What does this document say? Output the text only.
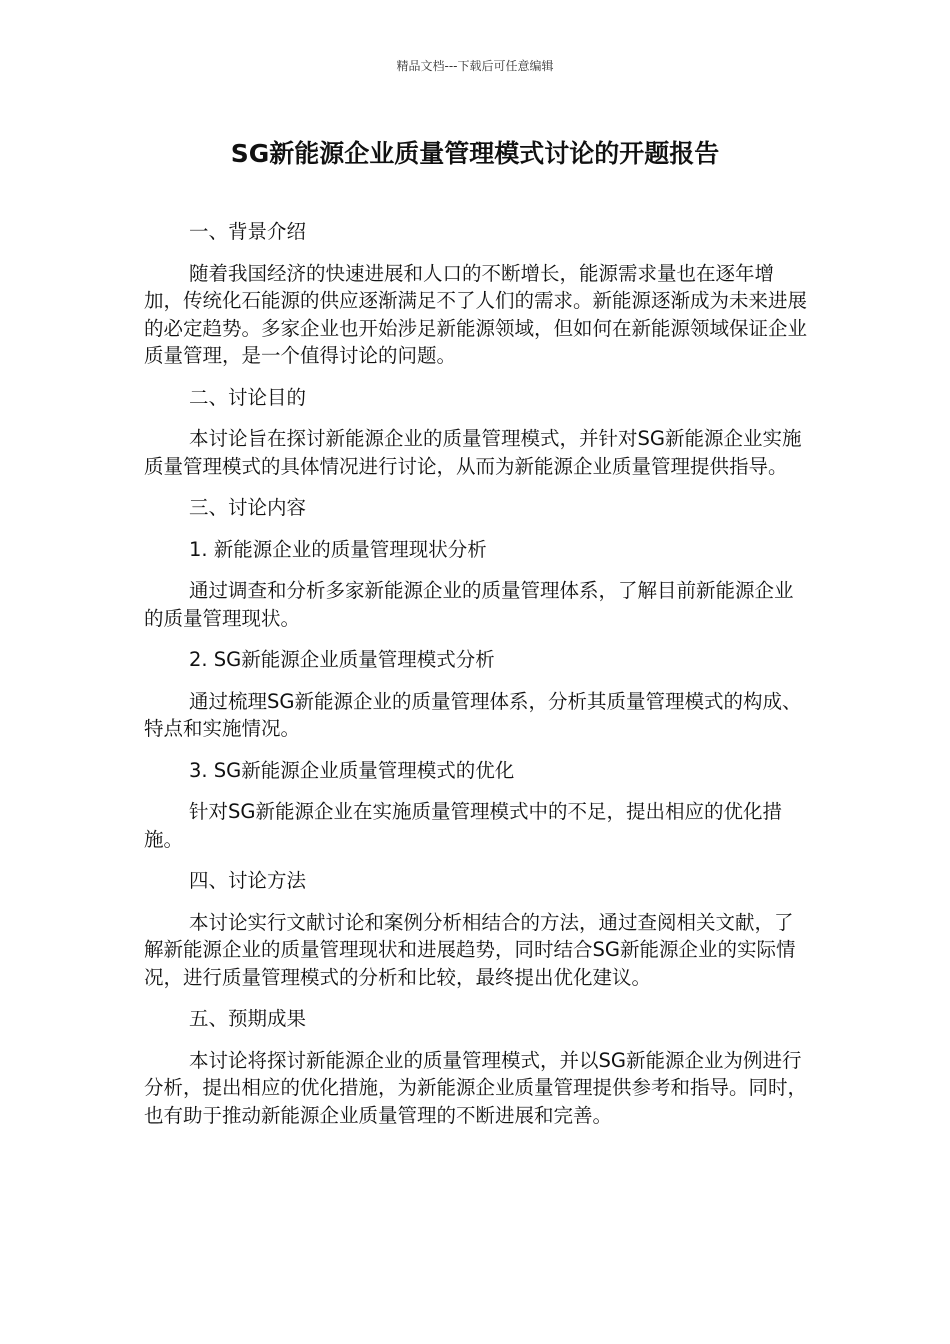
精品文档---下载后可任意编辑
SG新能源企业质量管理模式讨论的开题报告

一、背景介绍

随着我国经济的快速进展和人口的不断增长，能源需求量也在逐年增加，传统化石能源的供应逐渐满足不了人们的需求。新能源逐渐成为未来进展的必定趋势。多家企业也开始涉足新能源领域，但如何在新能源领域保证企业质量管理，是一个值得讨论的问题。

二、讨论目的

本讨论旨在探讨新能源企业的质量管理模式，并针对SG新能源企业实施质量管理模式的具体情况进行讨论，从而为新能源企业质量管理提供指导。

三、讨论内容

1. 新能源企业的质量管理现状分析

通过调查和分析多家新能源企业的质量管理体系，了解目前新能源企业的质量管理现状。

2. SG新能源企业质量管理模式分析

通过梳理SG新能源企业的质量管理体系，分析其质量管理模式的构成、特点和实施情况。

3. SG新能源企业质量管理模式的优化

针对SG新能源企业在实施质量管理模式中的不足，提出相应的优化措施。

四、讨论方法

本讨论实行文献讨论和案例分析相结合的方法，通过查阅相关文献，了解新能源企业的质量管理现状和进展趋势，同时结合SG新能源企业的实际情况，进行质量管理模式的分析和比较，最终提出优化建议。

五、预期成果

本讨论将探讨新能源企业的质量管理模式，并以SG新能源企业为例进行分析，提出相应的优化措施，为新能源企业质量管理提供参考和指导。同时，也有助于推动新能源企业质量管理的不断进展和完善。
